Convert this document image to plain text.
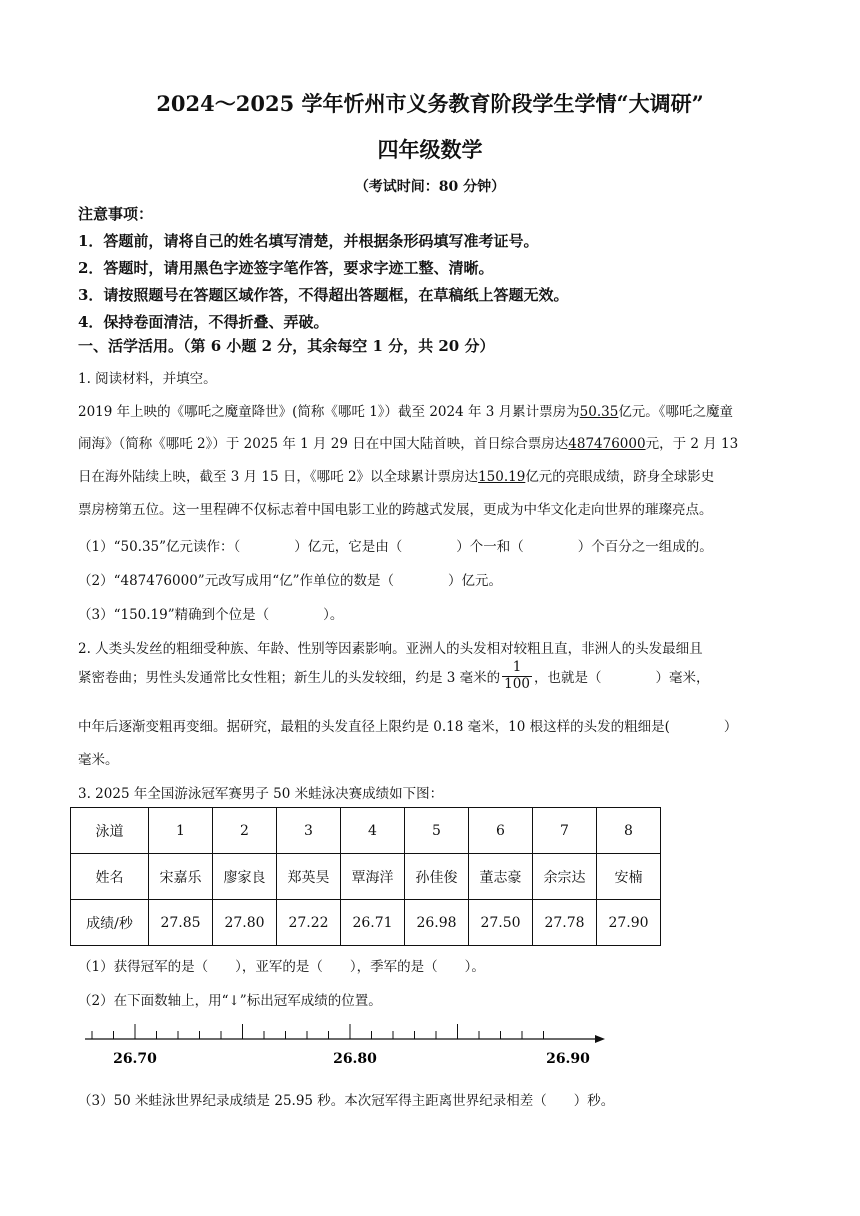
2024～2025 学年忻州市义务教育阶段学生学情“大调研”
四年级数学
（考试时间：80 分钟）
注意事项：
1．答题前，请将自己的姓名填写清楚，并根据条形码填写准考证号。
2．答题时，请用黑色字迹签字笔作答，要求字迹工整、清晰。
3．请按照题号在答题区域作答，不得超出答题框，在草稿纸上答题无效。
4．保持卷面清洁，不得折叠、弄破。
一、活学活用。（第 6 小题 2 分，其余每空 1 分，共 20 分）
1. 阅读材料，并填空。
2019 年上映的《哪吒之魔童降世》(简称《哪吒 1》）截至 2024 年 3 月累计票房为50.35亿元。《哪吒之魔童
闹海》（简称《哪吒 2》）于 2025 年 1 月 29 日在中国大陆首映，首日综合票房达487476000元，于 2 月 13
日在海外陆续上映，截至 3 月 15 日，《哪吒 2》以全球累计票房达150.19亿元的亮眼成绩，跻身全球影史
票房榜第五位。这一里程碑不仅标志着中国电影工业的跨越式发展，更成为中华文化走向世界的璀璨亮点。
（1）“50.35”亿元读作：（　　　　）亿元，它是由（　　　　）个一和（　　　　）个百分之一组成的。
（2）“487476000”元改写成用“亿”作单位的数是（　　　　）亿元。
（3）“150.19”精确到个位是（　　　　）。
2. 人类头发丝的粗细受种族、年龄、性别等因素影响。亚洲人的头发相对较粗且直，非洲人的头发最细且
紧密卷曲；男性头发通常比女性粗；新生儿的头发较细，约是 3 毫米的 $\frac{1}{100}$ ，也就是（　　　　）毫米，
中年后逐渐变粗再变细。据研究，最粗的头发直径上限约是 0.18 毫米，10 根这样的头发的粗细是(　　　　）
毫米。
3. 2025 年全国游泳冠军赛男子 50 米蛙泳决赛成绩如下图：
泳道	1	2	3	4	5	6	7	8
姓名	宋嘉乐	廖家良	郑英昊	覃海洋	孙佳俊	董志豪	余宗达	安楠
成绩/秒	27.85	27.80	27.22	26.71	26.98	27.50	27.78	27.90
（1）获得冠军的是（　　），亚军的是（　　），季军的是（　　）。
（2）在下面数轴上，用“↓”标出冠军成绩的位置。
26.70	26.80	26.90
（3）50 米蛙泳世界纪录成绩是 25.95 秒。本次冠军得主距离世界纪录相差（　　）秒。
